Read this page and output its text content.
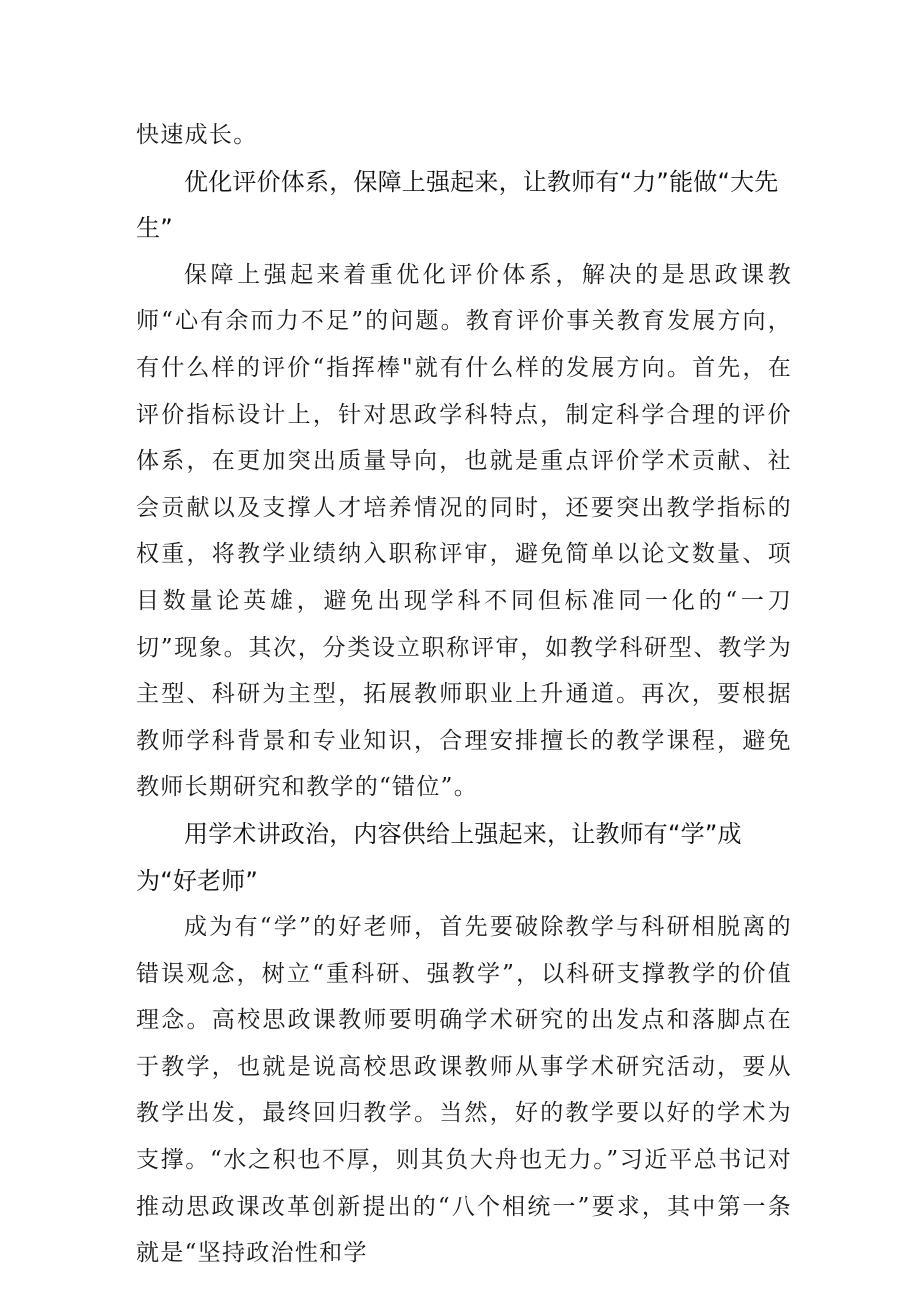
快速成长。

优化评价体系，保障上强起来，让教师有“力”能做“大先生”

保障上强起来着重优化评价体系，解决的是思政课教师“心有余而力不足”的问题。教育评价事关教育发展方向，有什么样的评价“指挥棒"就有什么样的发展方向。首先，在评价指标设计上，针对思政学科特点，制定科学合理的评价体系，在更加突出质量导向，也就是重点评价学术贡献、社会贡献以及支撑人才培养情况的同时，还要突出教学指标的权重，将教学业绩纳入职称评审，避免简单以论文数量、项目数量论英雄，避免出现学科不同但标准同一化的“一刀切”现象。其次，分类设立职称评审，如教学科研型、教学为主型、科研为主型，拓展教师职业上升通道。再次，要根据教师学科背景和专业知识，合理安排擅长的教学课程，避免教师长期研究和教学的“错位”。

用学术讲政治，内容供给上强起来，让教师有“学”成为“好老师”

成为有“学”的好老师，首先要破除教学与科研相脱离的错误观念，树立“重科研、强教学”，以科研支撑教学的价值理念。高校思政课教师要明确学术研究的出发点和落脚点在于教学，也就是说高校思政课教师从事学术研究活动，要从教学出发，最终回归教学。当然，好的教学要以好的学术为支撑。“水之积也不厚，则其负大舟也无力。”习近平总书记对推动思政课改革创新提出的“八个相统一”要求，其中第一条就是“坚持政治性和学
